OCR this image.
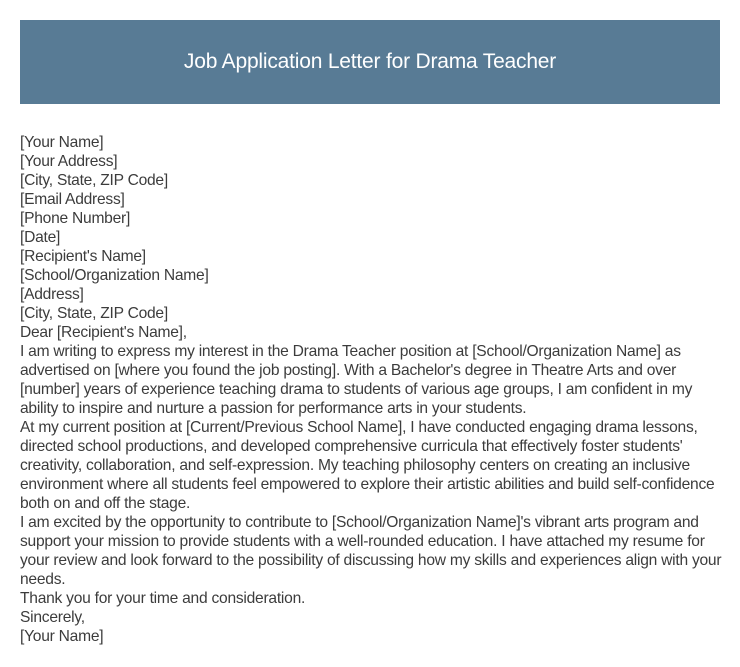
Job Application Letter for Drama Teacher

[Your Name]

[Your Address]

[City, State, ZIP Code]

[Email Address]

[Phone Number]

[Date]

[Recipient's Name]

[School/Organization Name]

[Address]

[City, State, ZIP Code]

Dear [Recipient's Name],

I am writing to express my interest in the Drama Teacher position at [School/Organization Name] as advertised on [where you found the job posting]. With a Bachelor's degree in Theatre Arts and over [number] years of experience teaching drama to students of various age groups, I am confident in my ability to inspire and nurture a passion for performance arts in your students.

At my current position at [Current/Previous School Name], I have conducted engaging drama lessons, directed school productions, and developed comprehensive curricula that effectively foster students' creativity, collaboration, and self-expression. My teaching philosophy centers on creating an inclusive environment where all students feel empowered to explore their artistic abilities and build self-confidence both on and off the stage.

I am excited by the opportunity to contribute to [School/Organization Name]'s vibrant arts program and support your mission to provide students with a well-rounded education. I have attached my resume for your review and look forward to the possibility of discussing how my skills and experiences align with your needs.

Thank you for your time and consideration.

Sincerely,

[Your Name]
